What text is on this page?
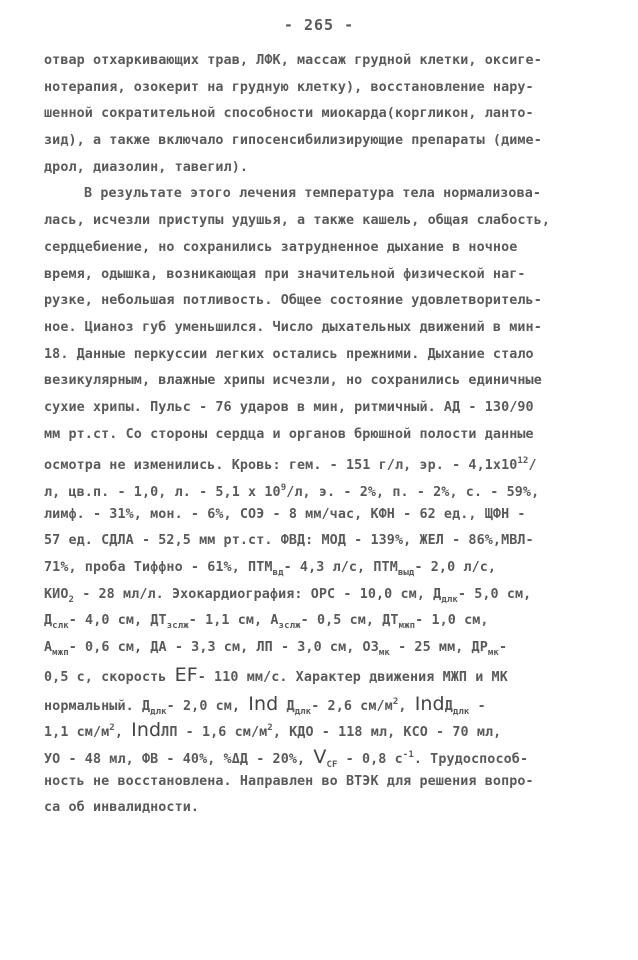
- 265 -
отвар отхаркивающих трав, ЛФК, массаж грудной клетки, оксиге-
нотерапия, озокерит на грудную клетку), восстановление нару-
шенной сократительной способности миокарда(коргликон, ланто-
зид), а также включало гипосенсибилизирующие препараты (диме-
дрол, диазолин, тавегил).
В результате этого лечения температура тела нормализова-
лась, исчезли приступы удушья, а также кашель, общая слабость,
сердцебиение, но сохранились затрудненное дыхание в ночное
время, одышка, возникающая при значительной физической наг-
рузке, небольшая потливость. Общее состояние удовлетворитель-
ное. Цианоз губ уменьшился. Число дыхательных движений в мин-
18. Данные перкуссии легких остались прежними. Дыхание стало
везикулярным, влажные хрипы исчезли, но сохранились единичные
сухие хрипы. Пульс - 76 ударов в мин, ритмичный. АД - 130/90
мм рт.ст. Со стороны сердца и органов брюшной полости данные
осмотра не изменились. Кровь: гем. - 151 г/л, эр. - $4,1x10^{12}/$
л, цв.п. - 1,0, л. - 5,1 x $10^9/л$, э. - 2%, п. - 2%, с. - 59%,
лимф. - 31%, мон. - 6%, СОЭ - 8 мм/час, КФН - 62 ед., ЩФН -
57 ед. СДЛА - 52,5 мм рт.ст. ФВД: МОД - 139%, ЖЕЛ - 86%,МВЛ-
71%, проба Тиффно - 61%, $ПТМ_{вд}-$ 4,3 л/с, $ПТМ_{выд}-$ 2,0 л/с,
$КИО_2 - 28$ мл/л. Эхокардиография: ОРС - 10,0 см, $Д_{длк}-$ 5,0 см,
$Д_{слк}-$ 4,0 см, $ДТ_{зслж}-$ 1,1 см, $А_{зслж}-$ 0,5 см, $ДТ_{мжп}-$ 1,0 см,
$А_{мжп}-$ 0,6 см, ДА - 3,3 см, ЛП - 3,0 см, $ОЗ_{мк} - 25$ мм, $ДР_{мк}-$
0,5 с, скорость EF- 110 мм/с. Характер движения МЖП и МК
нормальный. $Д_{длк}-$ 2,0 см, Ind $Д_{длк}-$ 2,6 $см/м^2$, IndД$_{длк}$ -
1,1 $см/м^2$, IndЛП - 1,6 $см/м^2$, КДО - 118 мл, КСО - 70 мл,
УО - 48 мл, ФВ - 40%, %ΔД - 20%, $V_{CF} - 0,8$ $с^{-1}$. Трудоспособ-
ность не восстановлена. Направлен во ВТЭК для решения вопро-
са об инвалидности.
